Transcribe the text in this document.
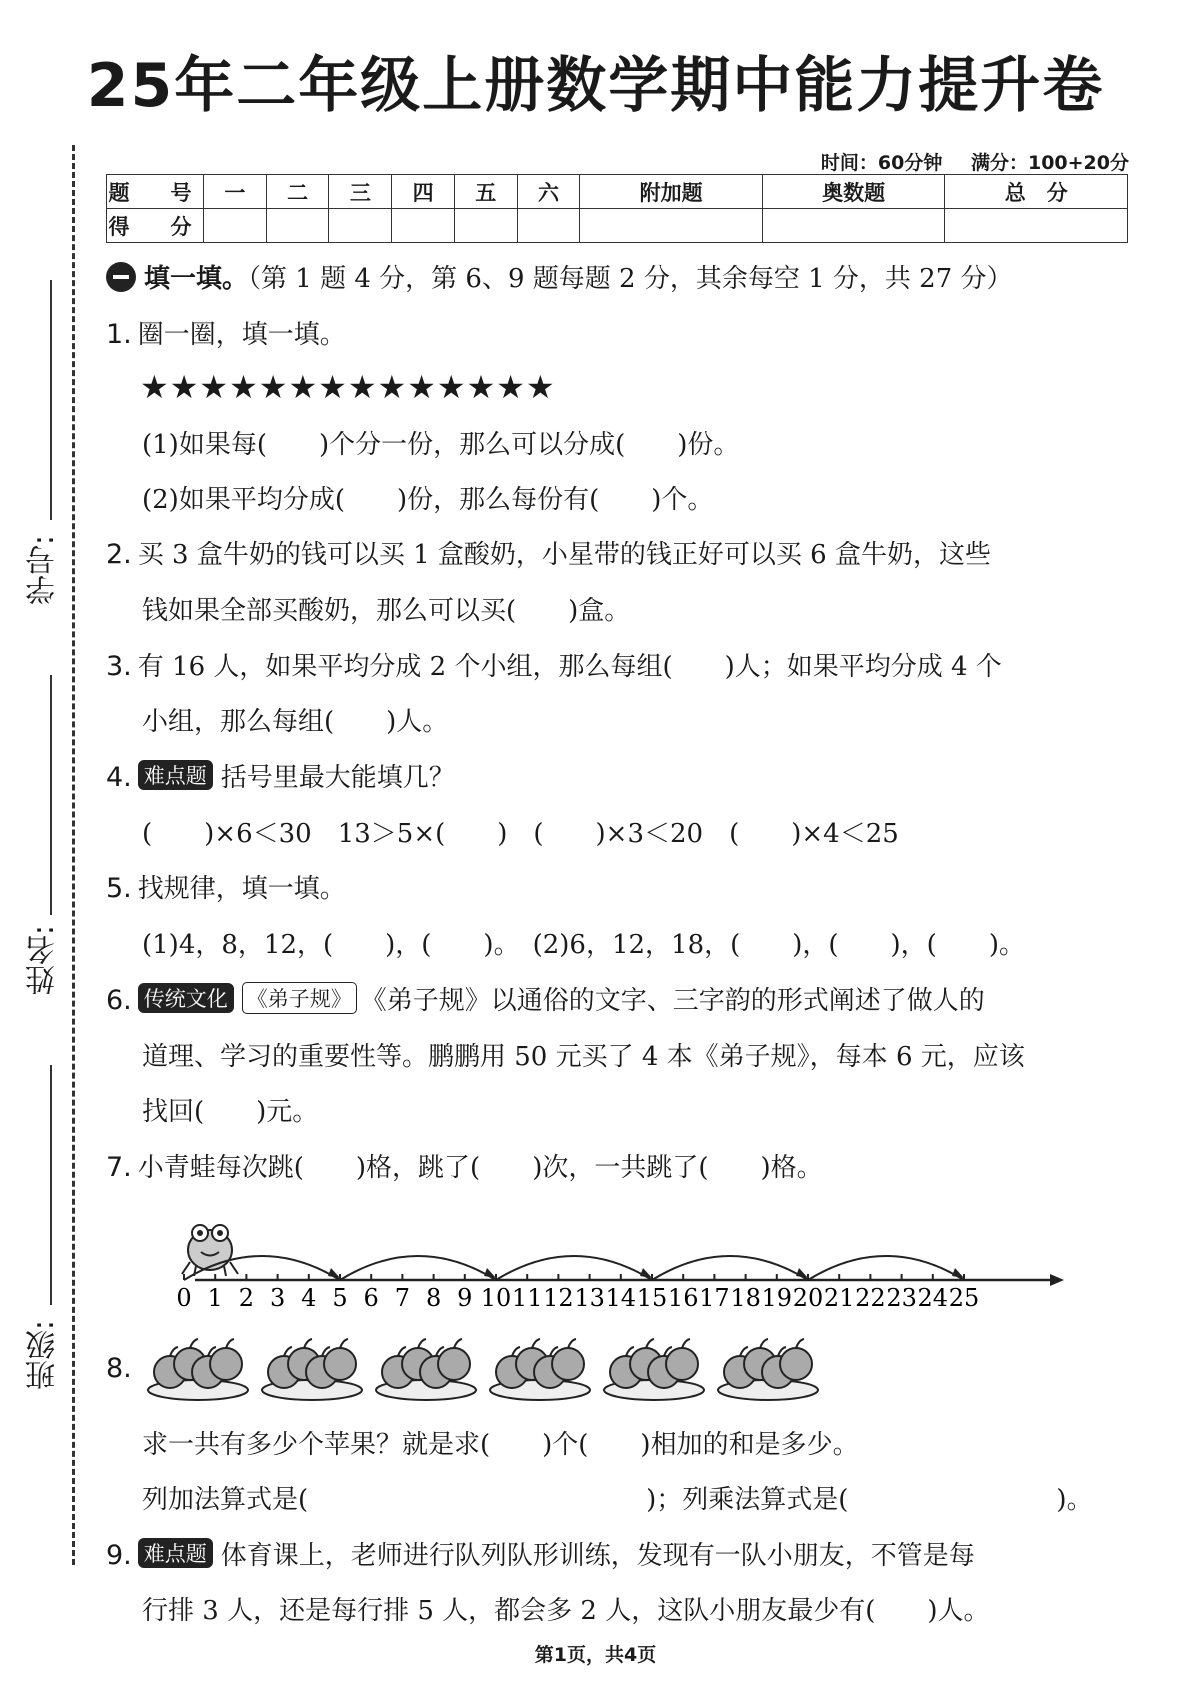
25年二年级上册数学期中能力提升卷
时间：60分钟 满分：100+20分
题　号	一	二	三	四	五	六	附加题	奥数题	总　分
得　分									
学号:
姓名:
班级:
填一填。（第 1 题 4 分，第 6、9 题每题 2 分，其余每空 1 分，共 27 分）
1. 圈一圈，填一填。
★★★★★★★★★★★★★★
(1)如果每(　　)个分一份，那么可以分成(　　)份。
(2)如果平均分成(　　)份，那么每份有(　　)个。
2. 买 3 盒牛奶的钱可以买 1 盒酸奶，小星带的钱正好可以买 6 盒牛奶，这些
钱如果全部买酸奶，那么可以买(　　)盒。
3. 有 16 人，如果平均分成 2 个小组，那么每组(　　)人；如果平均分成 4 个
小组，那么每组(　　)人。
4. 难点题 括号里最大能填几？
(　　)×6＜30　13＞5×(　　)　(　　)×3＜20　(　　)×4＜25
5. 找规律，填一填。
(1)4，8，12，(　　)，(　　)。　(2)6，12，18，(　　)，(　　)，(　　)。
6. 传统文化 《弟子规》 《弟子规》以通俗的文字、三字韵的形式阐述了做人的
道理、学习的重要性等。鹏鹏用 50 元买了 4 本《弟子规》，每本 6 元，应该
找回(　　)元。
7. 小青蛙每次跳(　　)格，跳了(　　)次，一共跳了(　　)格。
0 1 2 3 4 5 6 7 8 9 10 11 12 13 14 15 16 17 18 19 20 21 22 23 24 25
8.
求一共有多少个苹果？就是求(　　)个(　　)相加的和是多少。
列加法算式是(　　　　　　　　　　　　　)；列乘法算式是(　　　　　　　　)。
9. 难点题 体育课上，老师进行队列队形训练，发现有一队小朋友，不管是每
行排 3 人，还是每行排 5 人，都会多 2 人，这队小朋友最少有(　　)人。
第1页，共4页
